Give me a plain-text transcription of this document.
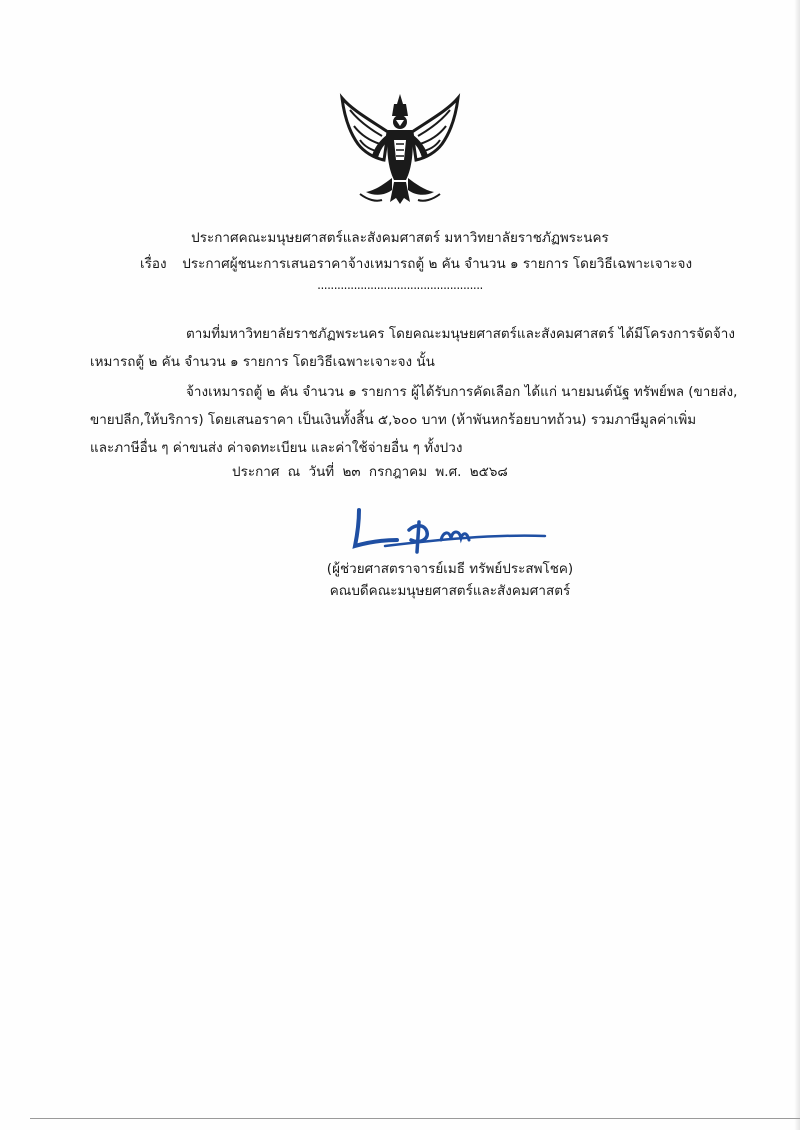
ประกาศคณะมนุษยศาสตร์และสังคมศาสตร์ มหาวิทยาลัยราชภัฏพระนคร
เรื่อง ประกาศผู้ชนะการเสนอราคาจ้างเหมารถตู้ ๒ คัน จำนวน ๑ รายการ โดยวิธีเฉพาะเจาะจง
..................................................
ตามที่มหาวิทยาลัยราชภัฏพระนคร โดยคณะมนุษยศาสตร์และสังคมศาสตร์ ได้มีโครงการจัดจ้าง
เหมารถตู้ ๒ คัน จำนวน ๑ รายการ โดยวิธีเฉพาะเจาะจง นั้น
จ้างเหมารถตู้ ๒ คัน จำนวน ๑ รายการ ผู้ได้รับการคัดเลือก ได้แก่ นายมนต์นัฐ ทรัพย์พล (ขายส่ง,
ขายปลีก,ให้บริการ) โดยเสนอราคา เป็นเงินทั้งสิ้น ๕,๖๐๐ บาท (ห้าพันหกร้อยบาทถ้วน) รวมภาษีมูลค่าเพิ่ม
และภาษีอื่น ๆ ค่าขนส่ง ค่าจดทะเบียน และค่าใช้จ่ายอื่น ๆ ทั้งปวง
ประกาศ ณ วันที่ ๒๓ กรกฎาคม พ.ศ. ๒๕๖๘
(ผู้ช่วยศาสตราจารย์เมธี ทรัพย์ประสพโชค)
คณบดีคณะมนุษยศาสตร์และสังคมศาสตร์
